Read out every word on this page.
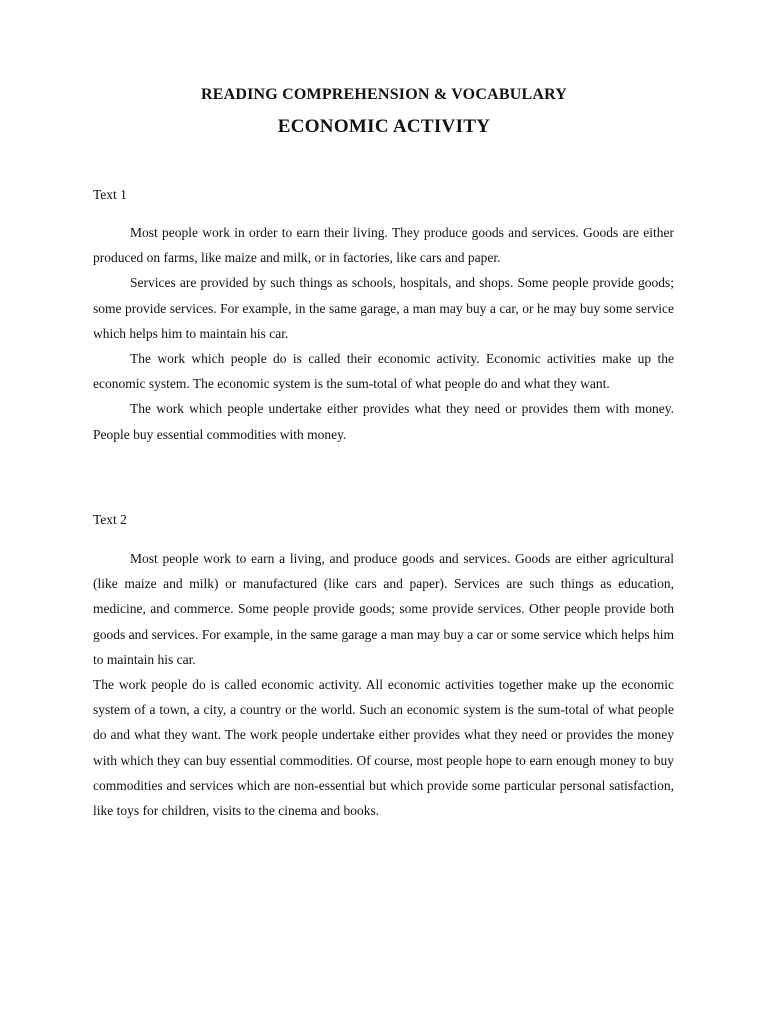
READING COMPREHENSION & VOCABULARY
ECONOMIC ACTIVITY

Text 1

Most people work in order to earn their living. They produce goods and services. Goods are either produced on farms, like maize and milk, or in factories, like cars and paper.

Services are provided by such things as schools, hospitals, and shops. Some people provide goods; some provide services. For example, in the same garage, a man may buy a car, or he may buy some service which helps him to maintain his car.

The work which people do is called their economic activity. Economic activities make up the economic system. The economic system is the sum-total of what people do and what they want.

The work which people undertake either provides what they need or provides them with money. People buy essential commodities with money.

Text 2

Most people work to earn a living, and produce goods and services. Goods are either agricultural (like maize and milk) or manufactured (like cars and paper). Services are such things as education, medicine, and commerce. Some people provide goods; some provide services. Other people provide both goods and services. For example, in the same garage a man may buy a car or some service which helps him to maintain his car.

The work people do is called economic activity. All economic activities together make up the economic system of a town, a city, a country or the world. Such an economic system is the sum-total of what people do and what they want. The work people undertake either provides what they need or provides the money with which they can buy essential commodities. Of course, most people hope to earn enough money to buy commodities and services which are non-essential but which provide some particular personal satisfaction, like toys for children, visits to the cinema and books.
